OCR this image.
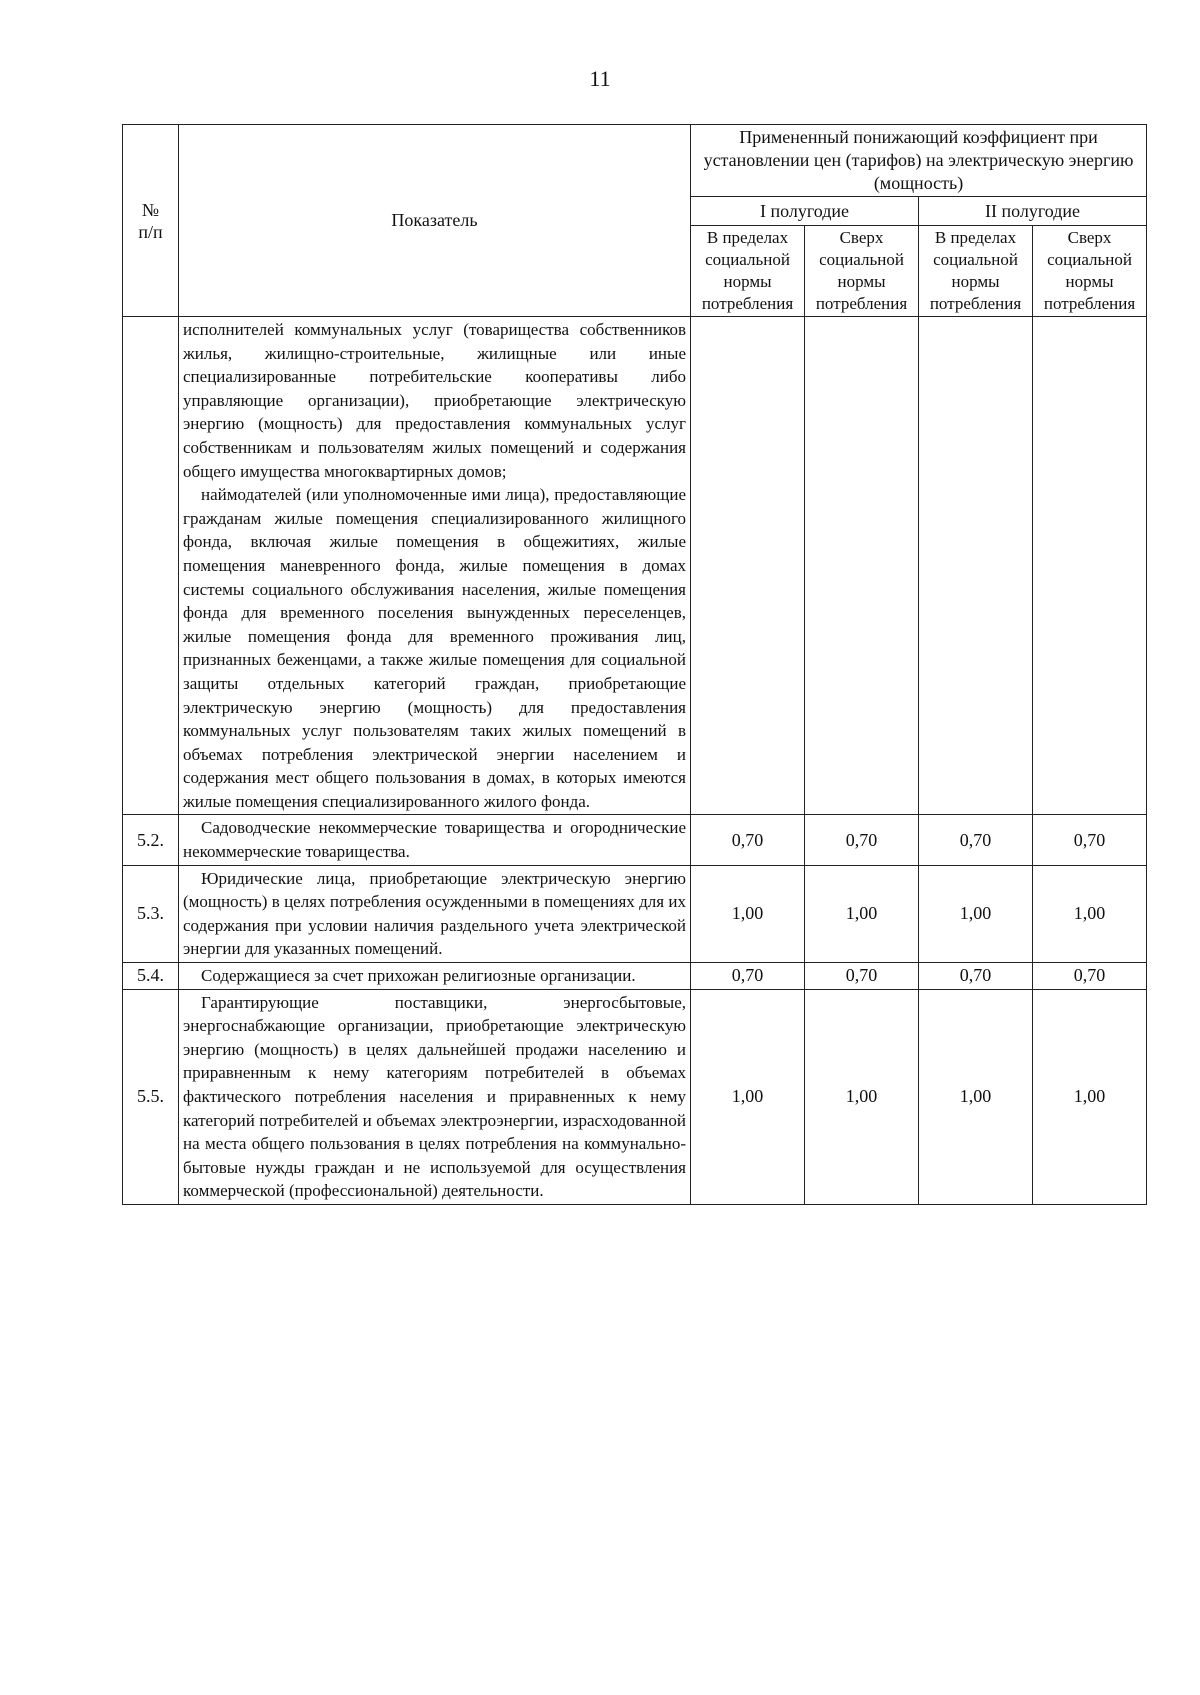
11
№
п/п	Показатель	Примененный понижающий коэффициент при установлении цен (тарифов) на электрическую энергию (мощность)			
		I полугодие		II полугодие	
		В пределах социальной нормы потребления	Сверх социальной нормы потребления	В пределах социальной нормы потребления	Сверх социальной нормы потребления

	исполнителей коммунальных услуг (товарищества собственников жилья, жилищно-строительные, жилищные или иные специализированные потребительские кооперативы либо управляющие организации), приобретающие электрическую энергию (мощность) для предоставления коммунальных услуг собственникам и пользователям жилых помещений и содержания общего имущества многоквартирных домов;

наймодателей (или уполномоченные ими лица), предоставляющие гражданам жилые помещения специализированного жилищного фонда, включая жилые помещения в общежитиях, жилые помещения маневренного фонда, жилые помещения в домах системы социального обслуживания населения, жилые помещения фонда для временного поселения вынужденных переселенцев, жилые помещения фонда для временного проживания лиц, признанных беженцами, а также жилые помещения для социальной защиты отдельных категорий граждан, приобретающие электрическую энергию (мощность) для предоставления коммунальных услуг пользователям таких жилых помещений в объемах потребления электрической энергии населением и содержания мест общего пользования в домах, в которых имеются жилые помещения специализированного жилого фонда.				

5.2.	Садоводческие некоммерческие товарищества и огороднические некоммерческие товарищества.	0,70	0,70	0,70	0,70
5.3.	Юридические лица, приобретающие электрическую энергию (мощность) в целях потребления осужденными в помещениях для их содержания при условии наличия раздельного учета электрической энергии для указанных помещений.	1,00	1,00	1,00	1,00
5.4.	Содержащиеся за счет прихожан религиозные организации.	0,70	0,70	0,70	0,70
5.5.	Гарантирующие поставщики, энергосбытовые, энергоснабжающие организации, приобретающие электрическую энергию (мощность) в целях дальнейшей продажи населению и приравненным к нему категориям потребителей в объемах фактического потребления населения и приравненных к нему категорий потребителей и объемах электроэнергии, израсходованной на места общего пользования в целях потребления на коммунально-бытовые нужды граждан и не используемой для осуществления коммерческой (профессиональной) деятельности.	1,00	1,00	1,00	1,00
